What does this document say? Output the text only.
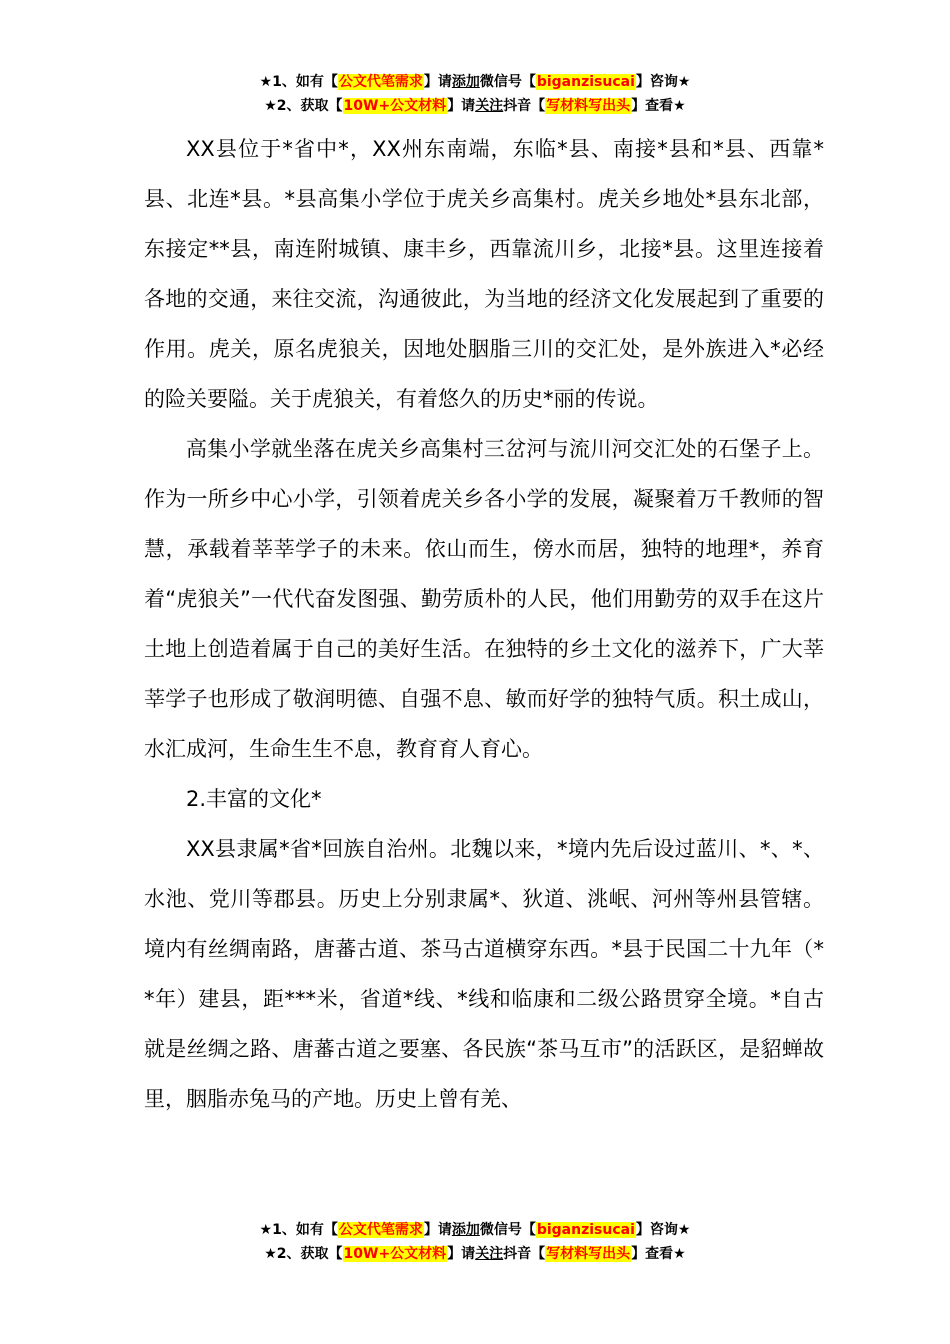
★1、如有【公文代笔需求】请添加微信号【biganzisucai】咨询★
★2、获取【10W+公文材料】请关注抖音【写材料写出头】查看★

XX县位于*省中*，XX州东南端，东临*县、南接*县和*县、西靠*县、北连*县。*县高集小学位于虎关乡高集村。虎关乡地处*县东北部，东接定**县，南连附城镇、康丰乡，西靠流川乡，北接*县。这里连接着各地的交通，来往交流，沟通彼此，为当地的经济文化发展起到了重要的作用。虎关，原名虎狼关，因地处胭脂三川的交汇处，是外族进入*必经的险关要隘。关于虎狼关，有着悠久的历史*丽的传说。

高集小学就坐落在虎关乡高集村三岔河与流川河交汇处的石堡子上。作为一所乡中心小学，引领着虎关乡各小学的发展，凝聚着万千教师的智慧，承载着莘莘学子的未来。依山而生，傍水而居，独特的地理*，养育着“虎狼关”一代代奋发图强、勤劳质朴的人民，他们用勤劳的双手在这片土地上创造着属于自己的美好生活。在独特的乡土文化的滋养下，广大莘莘学子也形成了敬润明德、自强不息、敏而好学的独特气质。积土成山，水汇成河，生命生生不息，教育育人育心。

2.丰富的文化*

XX县隶属*省*回族自治州。北魏以来，*境内先后设过蓝川、*、*、水池、党川等郡县。历史上分别隶属*、狄道、洮岷、河州等州县管辖。境内有丝绸南路，唐蕃古道、茶马古道横穿东西。*县于民国二十九年（**年）建县，距***米，省道*线、*线和临康和二级公路贯穿全境。*自古就是丝绸之路、唐蕃古道之要塞、各民族“茶马互市”的活跃区，是貂蝉故里，胭脂赤兔马的产地。历史上曾有羌、

★1、如有【公文代笔需求】请添加微信号【biganzisucai】咨询★
★2、获取【10W+公文材料】请关注抖音【写材料写出头】查看★
